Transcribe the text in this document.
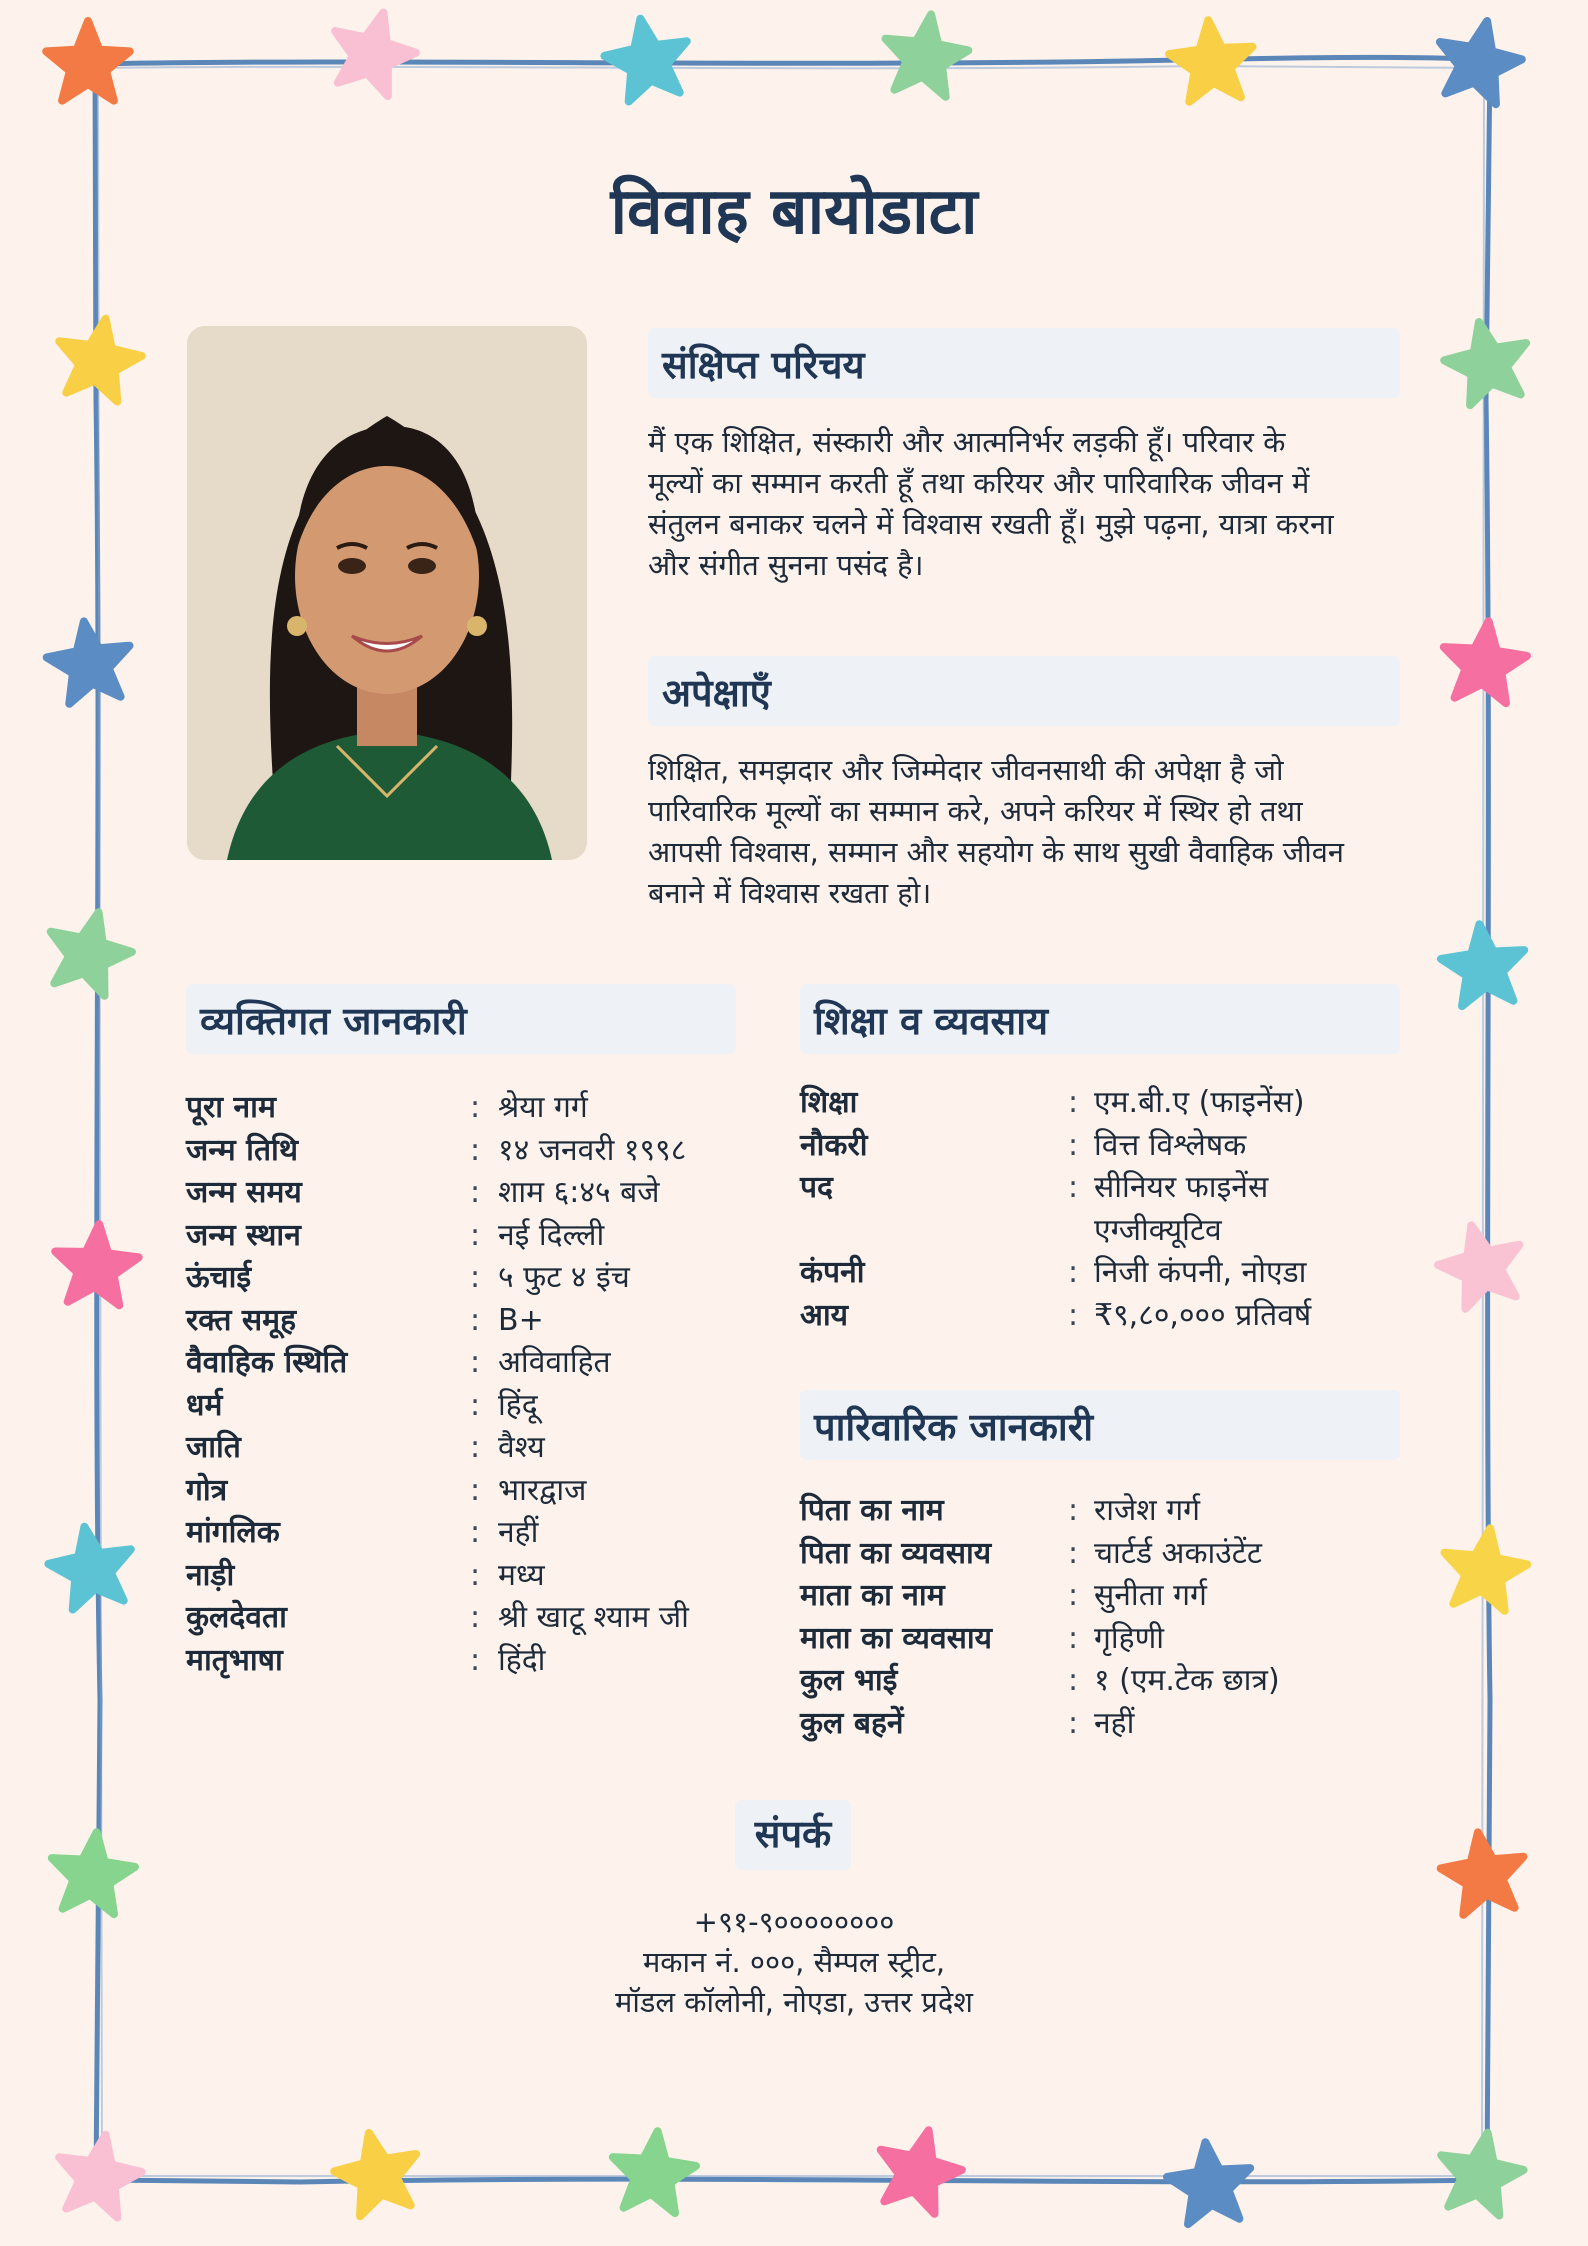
विवाह बायोडाटा
संक्षिप्त परिचय
मैं एक शिक्षित, संस्कारी और आत्मनिर्भर लड़की हूँ। परिवार के
मूल्यों का सम्मान करती हूँ तथा करियर और पारिवारिक जीवन में
संतुलन बनाकर चलने में विश्वास रखती हूँ। मुझे पढ़ना, यात्रा करना
और संगीत सुनना पसंद है।
अपेक्षाएँ
शिक्षित, समझदार और जिम्मेदार जीवनसाथी की अपेक्षा है जो
पारिवारिक मूल्यों का सम्मान करे, अपने करियर में स्थिर हो तथा
आपसी विश्वास, सम्मान और सहयोग के साथ सुखी वैवाहिक जीवन
बनाने में विश्वास रखता हो।
व्यक्तिगत जानकारी
पूरा नाम	:	श्रेया गर्ग

जन्म तिथि	:	१४ जनवरी १९९८

जन्म समय	:	शाम ६:४५ बजे

जन्म स्थान	:	नई दिल्ली

ऊंचाई	:	५ फुट ४ इंच

रक्त समूह	:	B+

वैवाहिक स्थिति	:	अविवाहित

धर्म	:	हिंदू

जाति	:	वैश्य

गोत्र	:	भारद्वाज

मांगलिक	:	नहीं

नाड़ी	:	मध्य

कुलदेवता	:	श्री खाटू श्याम जी

मातृभाषा	:	हिंदी
शिक्षा व व्यवसाय
शिक्षा	:	एम.बी.ए (फाइनेंस)

नौकरी	:	वित्त विश्लेषक

पद	:	सीनियर फाइनेंस
एग्जीक्यूटिव

कंपनी	:	निजी कंपनी, नोएडा

आय	:	₹९,८०,००० प्रतिवर्ष
पारिवारिक जानकारी
पिता का नाम	:	राजेश गर्ग

पिता का व्यवसाय	:	चार्टर्ड अकाउंटेंट

माता का नाम	:	सुनीता गर्ग

माता का व्यवसाय	:	गृहिणी

कुल भाई	:	१ (एम.टेक छात्र)

कुल बहनें	:	नहीं
संपर्क

+९१-९००००००००

मकान नं. ०००, सैम्पल स्ट्रीट,

मॉडल कॉलोनी, नोएडा, उत्तर प्रदेश
